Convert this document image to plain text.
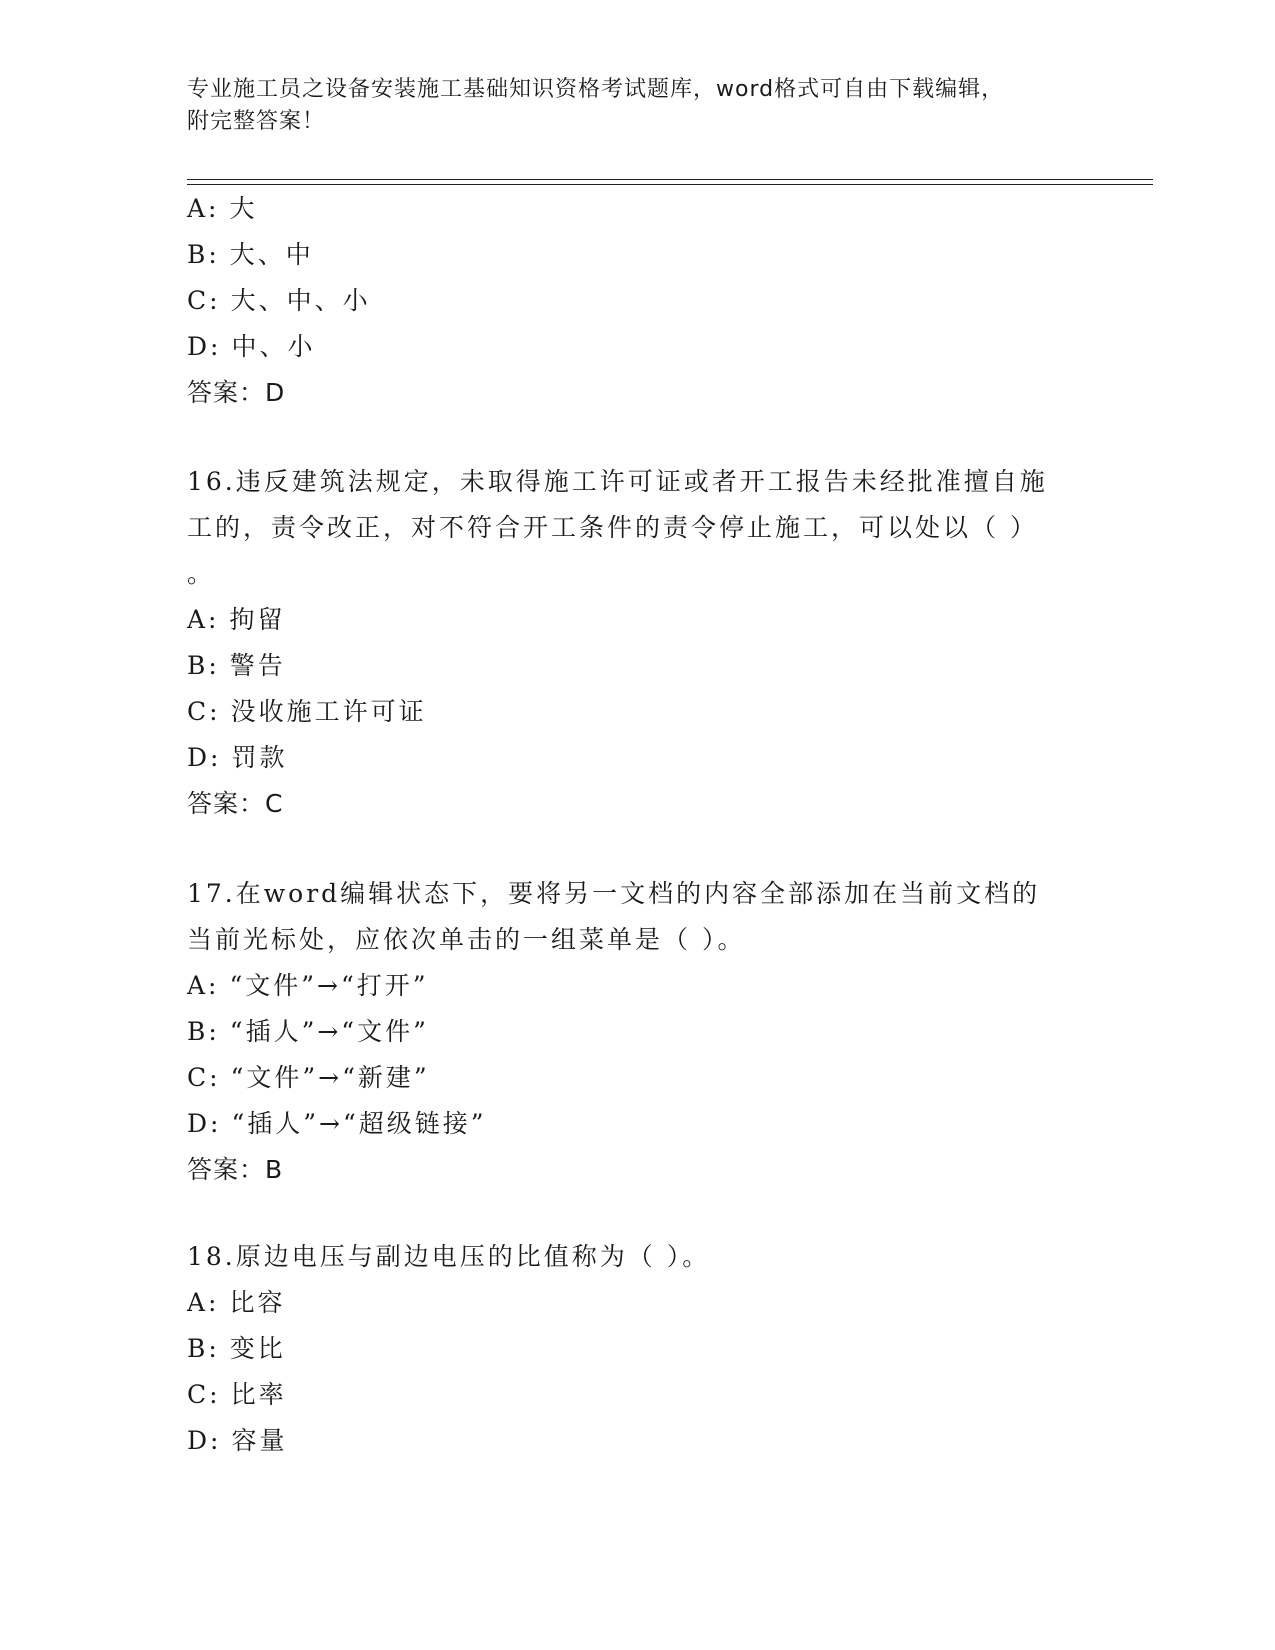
专业施工员之设备安装施工基础知识资格考试题库，word格式可自由下载编辑，
附完整答案！
A: 大
B: 大、中
C: 大、中、小
D: 中、小
答案：D
16.违反建筑法规定，未取得施工许可证或者开工报告未经批准擅自施
工的，责令改正，对不符合开工条件的责令停止施工，可以处以（ ）
。
A: 拘留
B: 警告
C: 没收施工许可证
D: 罚款
答案：C
17.在word编辑状态下，要将另一文档的内容全部添加在当前文档的
当前光标处，应依次单击的一组菜单是（ ）。
A: “文件”→“打开”
B: “插人”→“文件”
C: “文件”→“新建”
D: “插人”→“超级链接”
答案：B
18.原边电压与副边电压的比值称为（ ）。
A: 比容
B: 变比
C: 比率
D: 容量
